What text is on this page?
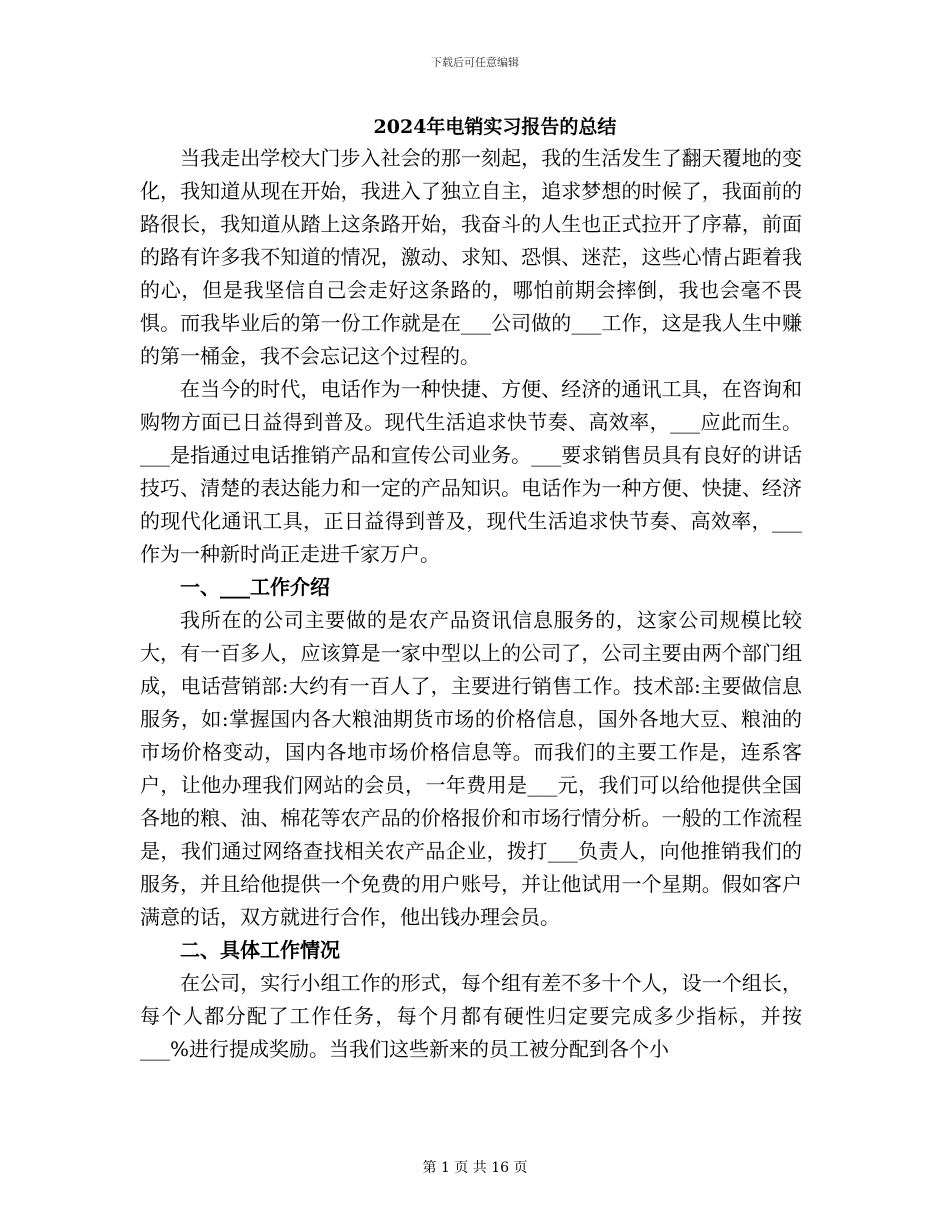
下载后可任意编辑
2024年电销实习报告的总结

当我走出学校大门步入社会的那一刻起，我的生活发生了翻天覆地的变化，我知道从现在开始，我进入了独立自主，追求梦想的时候了，我面前的路很长，我知道从踏上这条路开始，我奋斗的人生也正式拉开了序幕，前面的路有许多我不知道的情况，激动、求知、恐惧、迷茫，这些心情占距着我的心，但是我坚信自己会走好这条路的，哪怕前期会摔倒，我也会毫不畏惧。而我毕业后的第一份工作就是在___公司做的___工作，这是我人生中赚的第一桶金，我不会忘记这个过程的。

在当今的时代，电话作为一种快捷、方便、经济的通讯工具，在咨询和购物方面已日益得到普及。现代生活追求快节奏、高效率，___应此而生。___是指通过电话推销产品和宣传公司业务。___要求销售员具有良好的讲话技巧、清楚的表达能力和一定的产品知识。电话作为一种方便、快捷、经济的现代化通讯工具，正日益得到普及，现代生活追求快节奏、高效率，___作为一种新时尚正走进千家万户。

一、___工作介绍

我所在的公司主要做的是农产品资讯信息服务的，这家公司规模比较大，有一百多人，应该算是一家中型以上的公司了，公司主要由两个部门组成，电话营销部:大约有一百人了，主要进行销售工作。技术部:主要做信息服务，如:掌握国内各大粮油期货市场的价格信息，国外各地大豆、粮油的市场价格变动，国内各地市场价格信息等。而我们的主要工作是，连系客户，让他办理我们网站的会员，一年费用是___元，我们可以给他提供全国各地的粮、油、棉花等农产品的价格报价和市场行情分析。一般的工作流程是，我们通过网络查找相关农产品企业，拨打___负责人，向他推销我们的服务，并且给他提供一个免费的用户账号，并让他试用一个星期。假如客户满意的话，双方就进行合作，他出钱办理会员。

二、具体工作情况

在公司，实行小组工作的形式，每个组有差不多十个人，设一个组长，每个人都分配了工作任务，每个月都有硬性归定要完成多少指标，并按___%进行提成奖励。当我们这些新来的员工被分配到各个小

第 1 页 共 16 页
